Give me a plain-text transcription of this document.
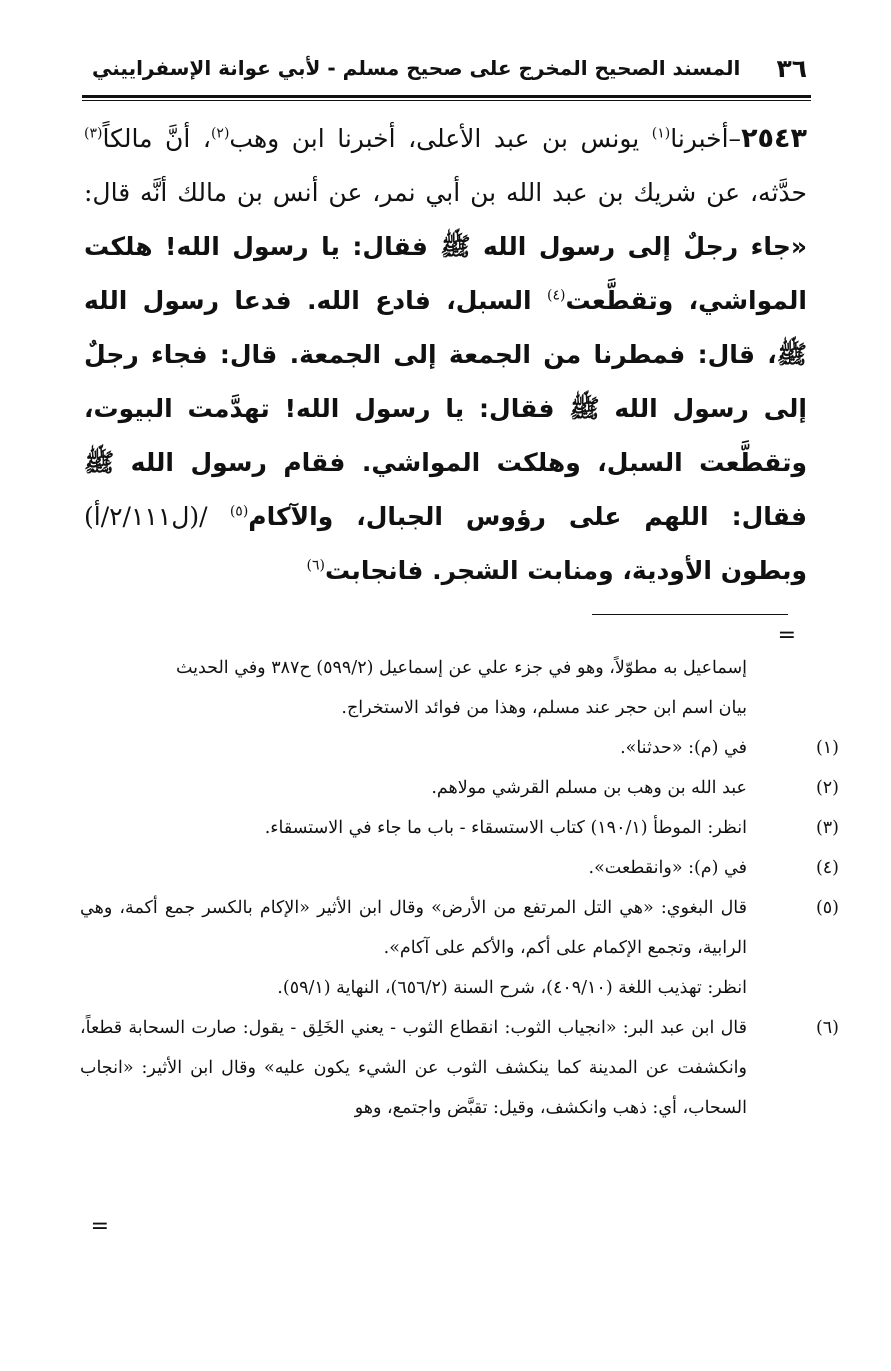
٣٦
المسند الصحيح المخرج على صحيح مسلم - لأبي عوانة الإسفراييني
٢٥٤٣–أخبرنا$^{(١)}$ يونس بن عبد الأعلى، أخبرنا ابن وهب$^{(٢)}$، أنَّ مالكاً$^{(٣)}$ حدَّثه، عن شريك بن عبد الله بن أبي نمر، عن أنس بن مالك أنَّه قال: «جاء رجلٌ إلى رسول الله ﷺ فقال: يا رسول الله! هلكت المواشي، وتقطَّعت$^{(٤)}$ السبل، فادع الله. فدعا رسول الله ﷺ، قال: فمطرنا من الجمعة إلى الجمعة. قال: فجاء رجلٌ إلى رسول الله ﷺ فقال: يا رسول الله! تهدَّمت البيوت، وتقطَّعت السبل، وهلكت المواشي. فقام رسول الله ﷺ فقال: اللهم على رؤوس الجبال، والآكام$^{(٥)}$ /(ل٢/١١١/أ) وبطون الأودية، ومنابت الشجر. فانجابت$^{(٦)}$
=
إسماعيل به مطوّلاً، وهو في جزء علي عن إسماعيل (٥٩٩/٢) ح٣٨٧ وفي الحديث
بيان اسم ابن حجر عند مسلم، وهذا من فوائد الاستخراج.
(١)في (م): «حدثنا».
(٢)عبد الله بن وهب بن مسلم القرشي مولاهم.
(٣)انظر: الموطأ (١٩٠/١) كتاب الاستسقاء - باب ما جاء في الاستسقاء.
(٤)في (م): «وانقطعت».
(٥)قال البغوي: «هي التل المرتفع من الأرض» وقال ابن الأثير «الإكام بالكسر جمع أكمة، وهي الرابية، وتجمع الإكمام على أكم، والأكم على آكام».
انظر: تهذيب اللغة (٤٠٩/١٠)، شرح السنة (٦٥٦/٢)، النهاية (٥٩/١).
(٦)قال ابن عبد البر: «انجياب الثوب: انقطاع الثوب - يعني الخَلِق - يقول: صارت السحابة قطعاً، وانكشفت عن المدينة كما ينكشف الثوب عن الشيء يكون عليه» وقال ابن الأثير: «انجاب السحاب، أي: ذهب وانكشف، وقيل: تقبَّض واجتمع، وهو
=
